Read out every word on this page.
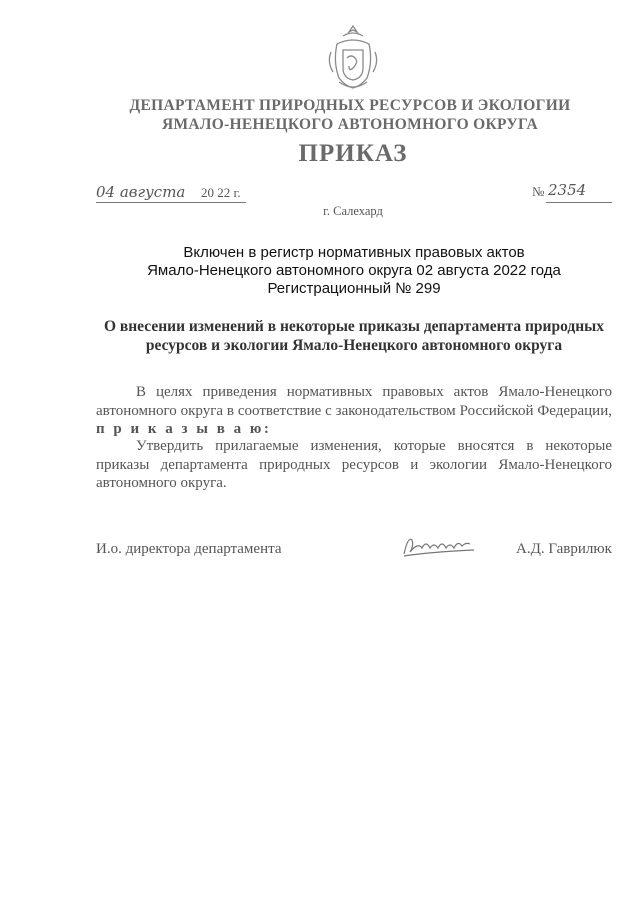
ДЕПАРТАМЕНТ ПРИРОДНЫХ РЕСУРСОВ И ЭКОЛОГИИ
ЯМАЛО-НЕНЕЦКОГО АВТОНОМНОГО ОКРУГА
ПРИКАЗ
04 августа 20 22 г.	№ 2354
г. Салехард
Включен в регистр нормативных правовых актов
Ямало-Ненецкого автономного округа 02 августа 2022 года
Регистрационный № 299
О внесении изменений в некоторые приказы департамента природных
ресурсов и экологии Ямало-Ненецкого автономного округа
В целях приведения нормативных правовых актов Ямало-Ненецкого автономного округа в соответствие с законодательством Российской Федерации, п р и к а з ы в а ю:
Утвердить прилагаемые изменения, которые вносятся в некоторые приказы департамента природных ресурсов и экологии Ямало-Ненецкого автономного округа.
И.о. директора департамента	А.Д. Гаврилюк
